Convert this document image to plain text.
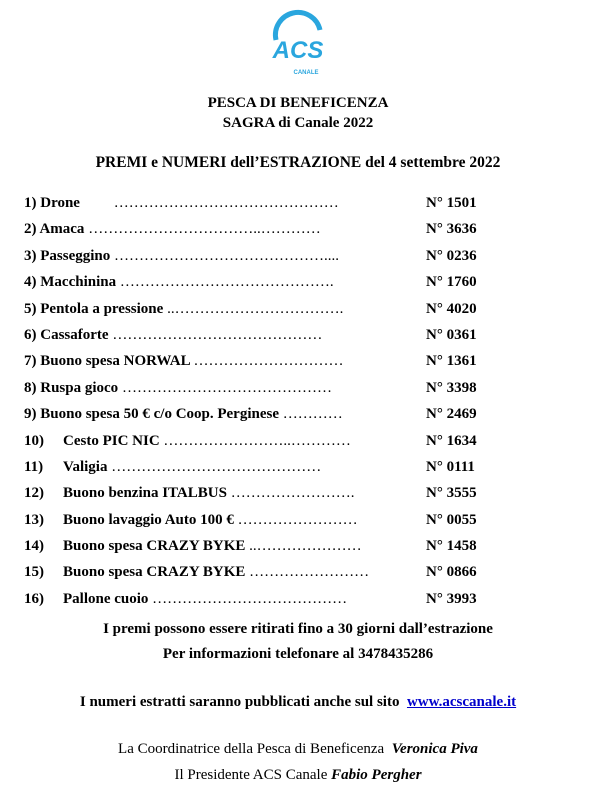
ACS
CANALE
PESCA DI BENEFICENZA
SAGRA di Canale 2022
PREMI e NUMERI dell’ESTRAZIONE del 4 settembre 2022
1) Drone ………………………………………	N° 1501
2) Amaca ……………………………..…………	N° 3636
3) Passeggino ……………………………………....	N° 0236
4) Macchinina …………………………………….	N° 1760
5) Pentola a pressione ..…………………………….	N° 4020
6) Cassaforte ……………………………………	N° 0361
7) Buono spesa NORWAL …………………………	N° 1361
8) Ruspa gioco ……………………………………	N° 3398
9) Buono spesa 50 € c/o Coop. Perginese …………	N° 2469
10) Cesto PIC NIC ……………………..…………	N° 1634
11) Valigia ……………………………………	N° 0111
12) Buono benzina ITALBUS …………………….	N° 3555
13) Buono lavaggio Auto 100 € ……………………	N° 0055
14) Buono spesa CRAZY BYKE ..…………………	N° 1458
15) Buono spesa CRAZY BYKE ……………………	N° 0866
16) Pallone cuoio …………………………………	N° 3993
I premi possono essere ritirati fino a 30 giorni dall’estrazione
Per informazioni telefonare al 3478435286
I numeri estratti saranno pubblicati anche sul sito www.acscanale.it
La Coordinatrice della Pesca di Beneficenza Veronica Piva
Il Presidente ACS Canale Fabio Pergher
